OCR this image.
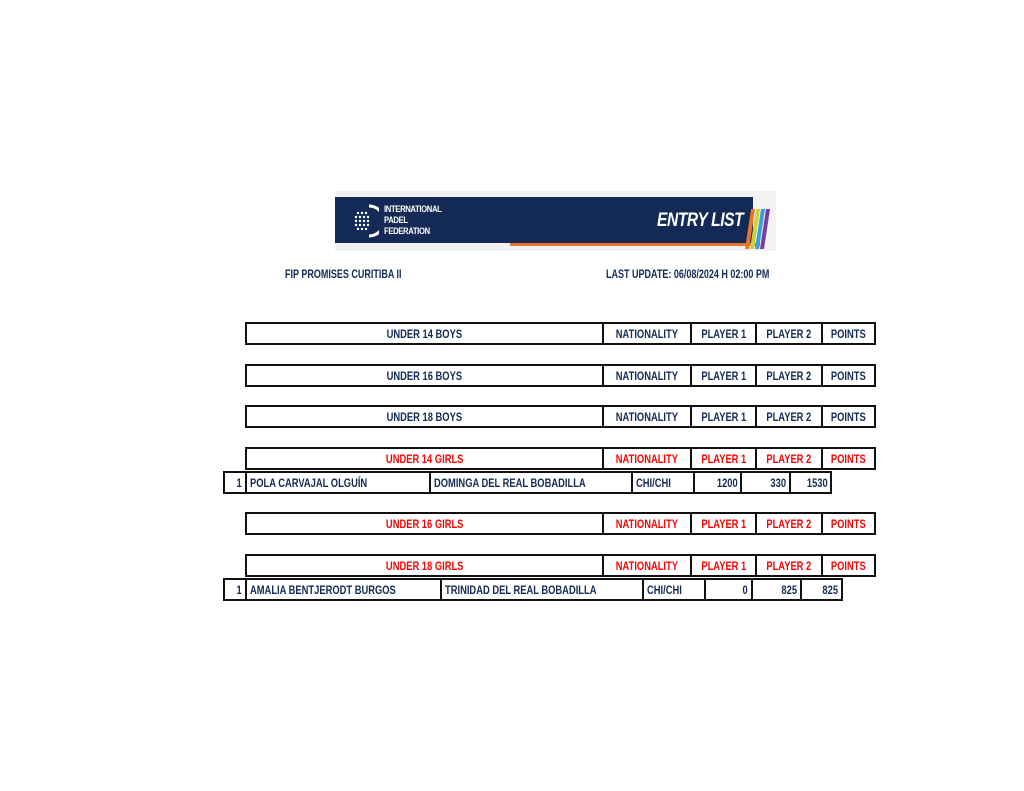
INTERNATIONAL
PADEL
FEDERATION	ENTRY LIST
FIP PROMISES CURITIBA II	LAST UPDATE: 06/08/2024 H 02:00 PM
UNDER 14 BOYS	NATIONALITY	PLAYER 1	PLAYER 2	POINTS
UNDER 16 BOYS	NATIONALITY	PLAYER 1	PLAYER 2	POINTS
UNDER 18 BOYS	NATIONALITY	PLAYER 1	PLAYER 2	POINTS
UNDER 14 GIRLS	NATIONALITY	PLAYER 1	PLAYER 2	POINTS
1	POLA CARVAJAL OLGUÍN	DOMINGA DEL REAL BOBADILLA	CHI/CHI	1200	330	1530
UNDER 16 GIRLS	NATIONALITY	PLAYER 1	PLAYER 2	POINTS
UNDER 18 GIRLS	NATIONALITY	PLAYER 1	PLAYER 2	POINTS
1	AMALIA BENTJERODT BURGOS	TRINIDAD DEL REAL BOBADILLA	CHI/CHI	0	825	825
